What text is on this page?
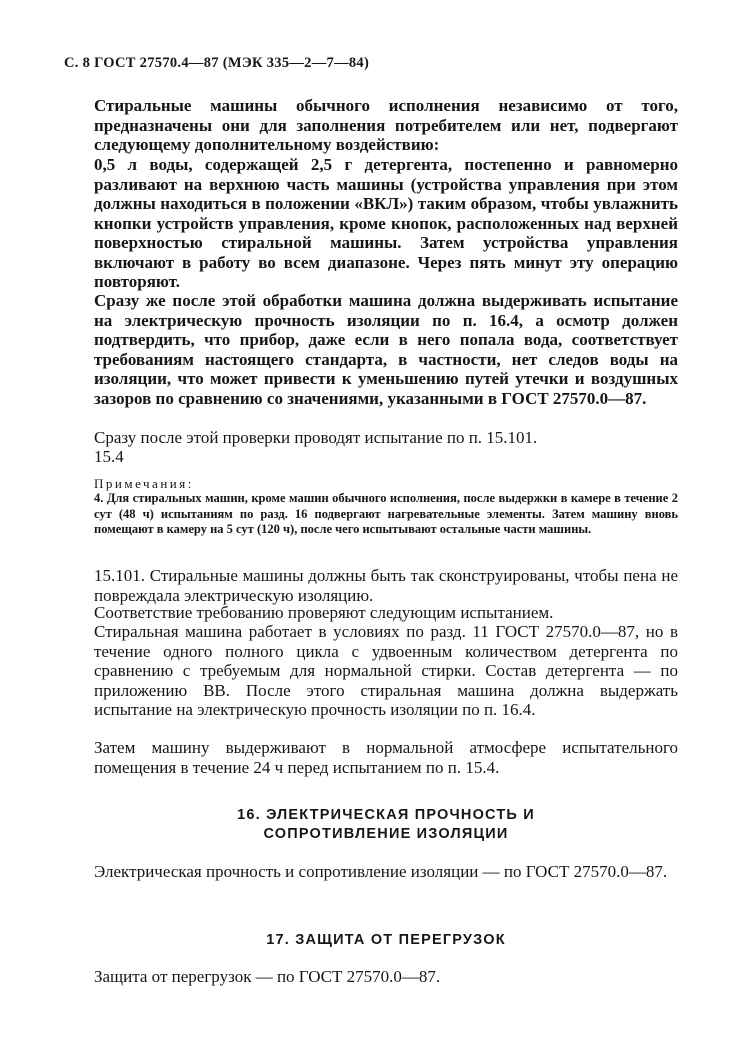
С. 8 ГОСТ 27570.4—87 (МЭК 335—2—7—84)

Стиральные машины обычного исполнения независимо от того, предназначены они для заполнения потребителем или нет, подвергают следующему дополнительному воздействию:

0,5 л воды, содержащей 2,5 г детергента, постепенно и равномерно разливают на верхнюю часть машины (устройства управления при этом должны находиться в положении «ВКЛ») таким образом, чтобы увлажнить кнопки устройств управления, кроме кнопок, расположенных над верхней поверхностью стиральной машины. Затем устройства управления включают в работу во всем диапазоне. Через пять минут эту операцию повторяют.

Сразу же после этой обработки машина должна выдерживать испытание на электрическую прочность изоляции по п. 16.4, а осмотр должен подтвердить, что прибор, даже если в него попала вода, соответствует требованиям настоящего стандарта, в частности, нет следов воды на изоляции, что может привести к уменьшению путей утечки и воздушных зазоров по сравнению со значениями, указанными в ГОСТ 27570.0—87.

Сразу после этой проверки проводят испытание по п. 15.101.

15.4

Примечания:

4. Для стиральных машин, кроме машин обычного исполнения, после выдержки в камере в течение 2 сут (48 ч) испытаниям по разд. 16 подвергают нагревательные элементы. Затем машину вновь помещают в камеру на 5 сут (120 ч), после чего испытывают остальные части машины.

15.101. Стиральные машины должны быть так сконструированы, чтобы пена не повреждала электрическую изоляцию.

Соответствие требованию проверяют следующим испытанием.

Стиральная машина работает в условиях по разд. 11 ГОСТ 27570.0—87, но в течение одного полного цикла с удвоенным количеством детергента по сравнению с требуемым для нормальной стирки. Состав детергента — по приложению ВВ. После этого стиральная машина должна выдержать испытание на электрическую прочность изоляции по п. 16.4.

Затем машину выдерживают в нормальной атмосфере испытательного помещения в течение 24 ч перед испытанием по п. 15.4.

16. ЭЛЕКТРИЧЕСКАЯ ПРОЧНОСТЬ И СОПРОТИВЛЕНИЕ ИЗОЛЯЦИИ

Электрическая прочность и сопротивление изоляции — по ГОСТ 27570.0—87.

17. ЗАЩИТА ОТ ПЕРЕГРУЗОК

Защита от перегрузок — по ГОСТ 27570.0—87.
